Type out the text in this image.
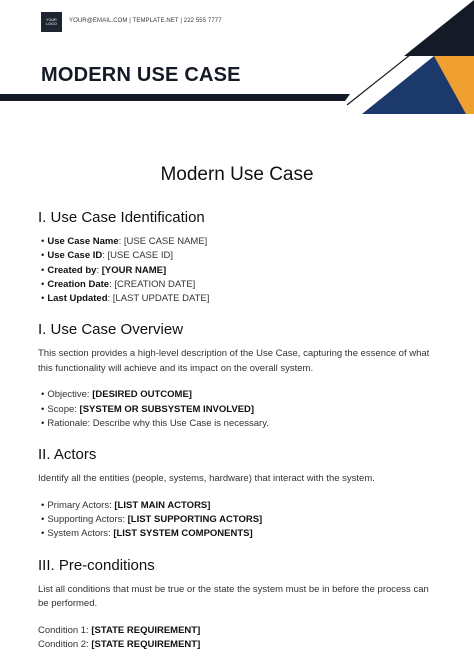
YOUR
LOGO YOUR@EMAIL.COM | TEMPLATE.NET | 222 555 7777
MODERN USE CASE
Modern Use Case
I. Use Case Identification
• Use Case Name: [USE CASE NAME]
• Use Case ID: [USE CASE ID]
• Created by: [YOUR NAME]
• Creation Date: [CREATION DATE]
• Last Updated: [LAST UPDATE DATE]
I. Use Case Overview

This section provides a high-level description of the Use Case, capturing the essence of what this functionality will achieve and its impact on the overall system.

• Objective: [DESIRED OUTCOME]
• Scope: [SYSTEM OR SUBSYSTEM INVOLVED]
• Rationale: Describe why this Use Case is necessary.
II. Actors

Identify all the entities (people, systems, hardware) that interact with the system.

• Primary Actors: [LIST MAIN ACTORS]
• Supporting Actors: [LIST SUPPORTING ACTORS]
• System Actors: [LIST SYSTEM COMPONENTS]
III. Pre-conditions

List all conditions that must be true or the state the system must be in before the process can be performed.

Condition 1: [STATE REQUIREMENT]
Condition 2: [STATE REQUIREMENT]
